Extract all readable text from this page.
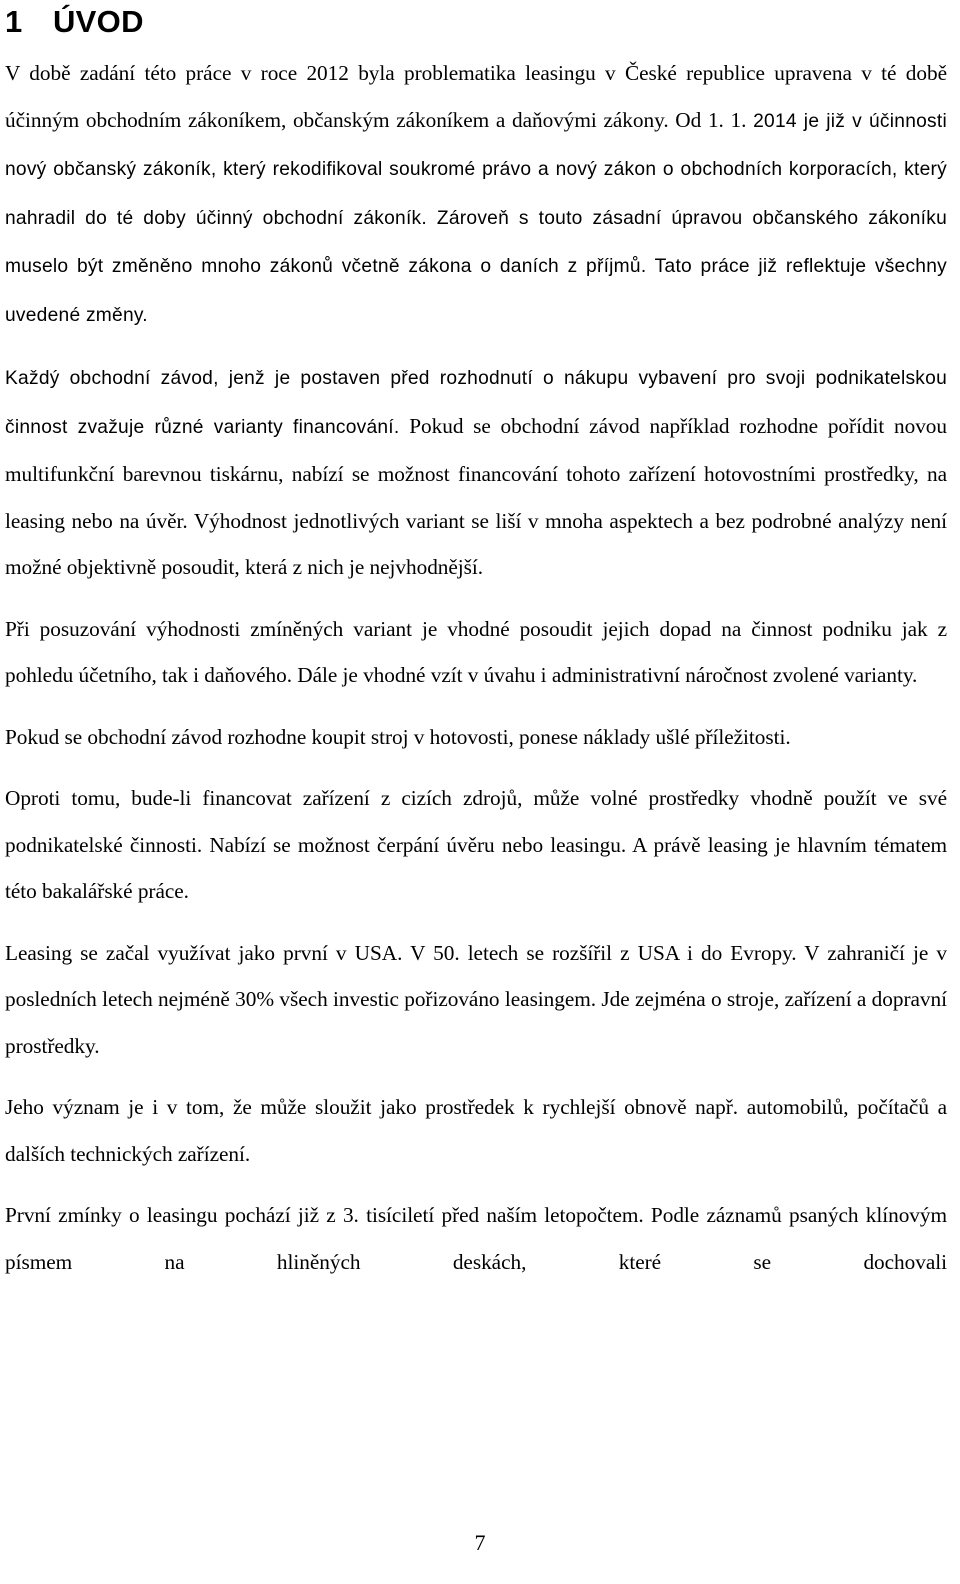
1 ÚVOD

V době zadání této práce v roce 2012 byla problematika leasingu v České republice upravena v té době účinným obchodním zákoníkem, občanským zákoníkem a daňovými zákony. Od 1. 1. 2014 je již v účinnosti nový občanský zákoník, který rekodifikoval soukromé právo a nový zákon o obchodních korporacích, který nahradil do té doby účinný obchodní zákoník. Zároveň s touto zásadní úpravou občanského zákoníku muselo být změněno mnoho zákonů včetně zákona o daních z příjmů. Tato práce již reflektuje všechny uvedené změny.

Každý obchodní závod, jenž je postaven před rozhodnutí o nákupu vybavení pro svoji podnikatelskou činnost zvažuje různé varianty financování. Pokud se obchodní závod například rozhodne pořídit novou multifunkční barevnou tiskárnu, nabízí se možnost financování tohoto zařízení hotovostními prostředky, na leasing nebo na úvěr. Výhodnost jednotlivých variant se liší v mnoha aspektech a bez podrobné analýzy není možné objektivně posoudit, která z nich je nejvhodnější.

Při posuzování výhodnosti zmíněných variant je vhodné posoudit jejich dopad na činnost podniku jak z pohledu účetního, tak i daňového. Dále je vhodné vzít v úvahu i administrativní náročnost zvolené varianty.

Pokud se obchodní závod rozhodne koupit stroj v hotovosti, ponese náklady ušlé příležitosti.

Oproti tomu, bude-li financovat zařízení z cizích zdrojů, může volné prostředky vhodně použít ve své podnikatelské činnosti. Nabízí se možnost čerpání úvěru nebo leasingu. A právě leasing je hlavním tématem této bakalářské práce.

Leasing se začal využívat jako první v USA. V 50. letech se rozšířil z USA i do Evropy. V zahraničí je v posledních letech nejméně 30% všech investic pořizováno leasingem. Jde zejména o stroje, zařízení a dopravní prostředky.

Jeho význam je i v tom, že může sloužit jako prostředek k rychlejší obnově např. automobilů, počítačů a dalších technických zařízení.

První zmínky o leasingu pochází již z 3. tisíciletí před naším letopočtem. Podle záznamů psaných klínovým písmem na hliněných deskách, které se dochovali

7
